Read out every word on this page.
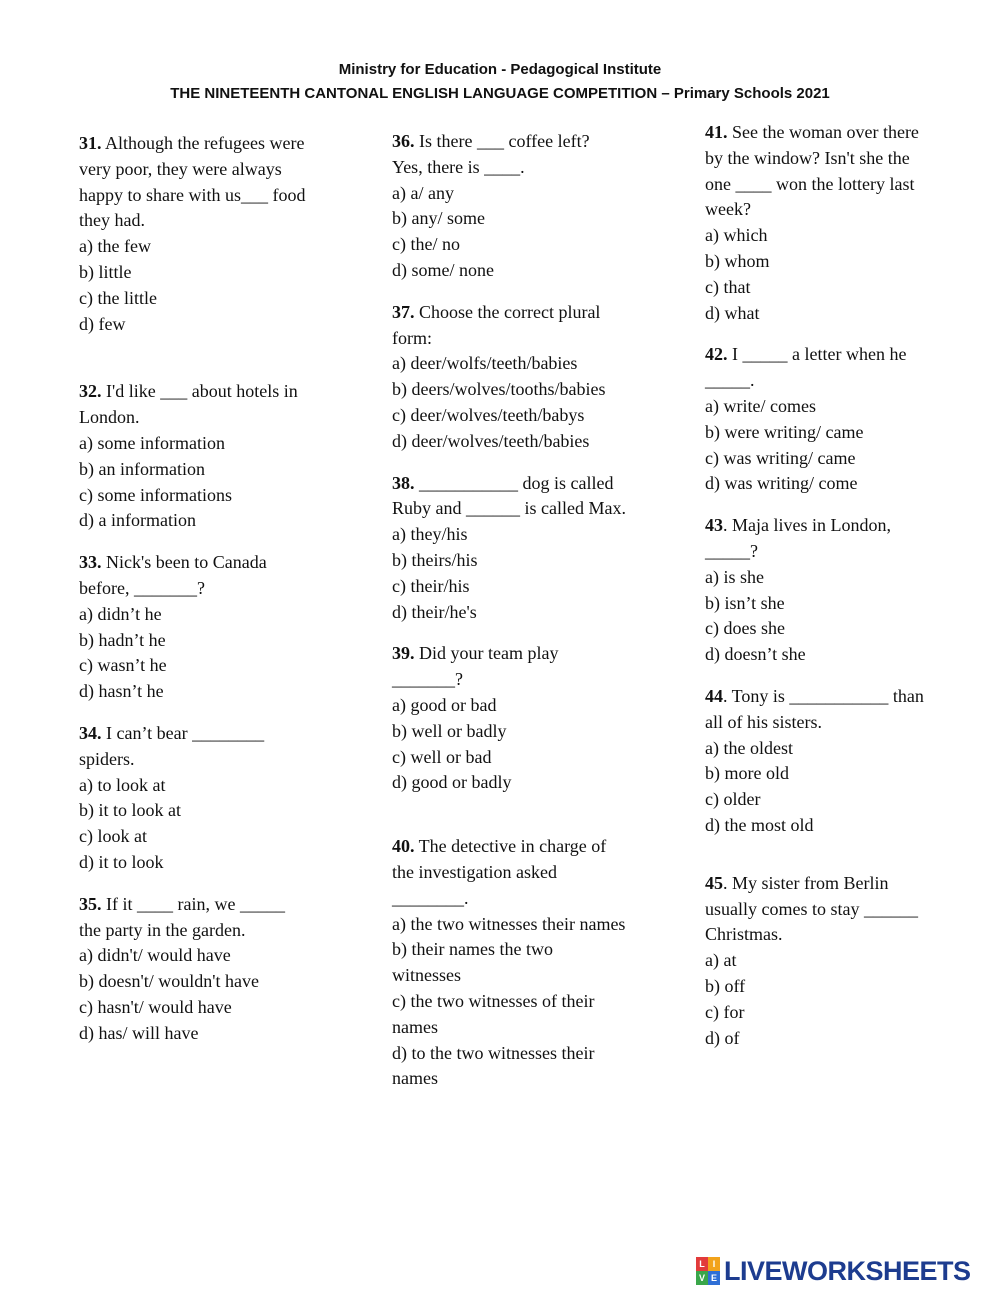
Ministry for Education - Pedagogical Institute
THE NINETEENTH CANTONAL ENGLISH LANGUAGE COMPETITION – Primary Schools 2021
31. Although the refugees were
very poor, they were always
happy to share with us___ food
they had.
a) the few
b) little
c) the little
d) few
32. I'd like ___ about hotels in
London.
a) some information
b) an information
c) some informations
d) a information
33. Nick's been to Canada
before, _______?
a) didn’t he
b) hadn’t he
c) wasn’t he
d) hasn’t he
34. I can’t bear ________
spiders.
a) to look at
b) it to look at
c) look at
d) it to look
35. If it ____ rain, we _____
the party in the garden.
a) didn't/ would have
b) doesn't/ wouldn't have
c) hasn't/ would have
d) has/ will have
36. Is there ___ coffee left?
Yes, there is ____.
a) a/ any
b) any/ some
c) the/ no
d) some/ none
37. Choose the correct plural
form:
a) deer/wolfs/teeth/babies
b) deers/wolves/tooths/babies
c) deer/wolves/teeth/babys
d) deer/wolves/teeth/babies
38. ___________ dog is called
Ruby and ______ is called Max.
a) they/his
b) theirs/his
c) their/his
d) their/he's
39. Did your team play
_______?
a) good or bad
b) well or badly
c) well or bad
d) good or badly
40. The detective in charge of
the investigation asked
________.
a) the two witnesses their names
b) their names the two
witnesses
c) the two witnesses of their
names
d) to the two witnesses their
names
41. See the woman over there
by the window? Isn't she the
one ____ won the lottery last
week?
a) which
b) whom
c) that
d) what
42. I _____ a letter when he
_____.
a) write/ comes
b) were writing/ came
c) was writing/ came
d) was writing/ come
43. Maja lives in London,
_____?
a) is she
b) isn’t she
c) does she
d) doesn’t she
44. Tony is ___________ than
all of his sisters.
a) the oldest
b) more old
c) older
d) the most old
45. My sister from Berlin
usually comes to stay ______
Christmas.
a) at
b) off
c) for
d) of
L I
V E LIVEWORKSHEETS
